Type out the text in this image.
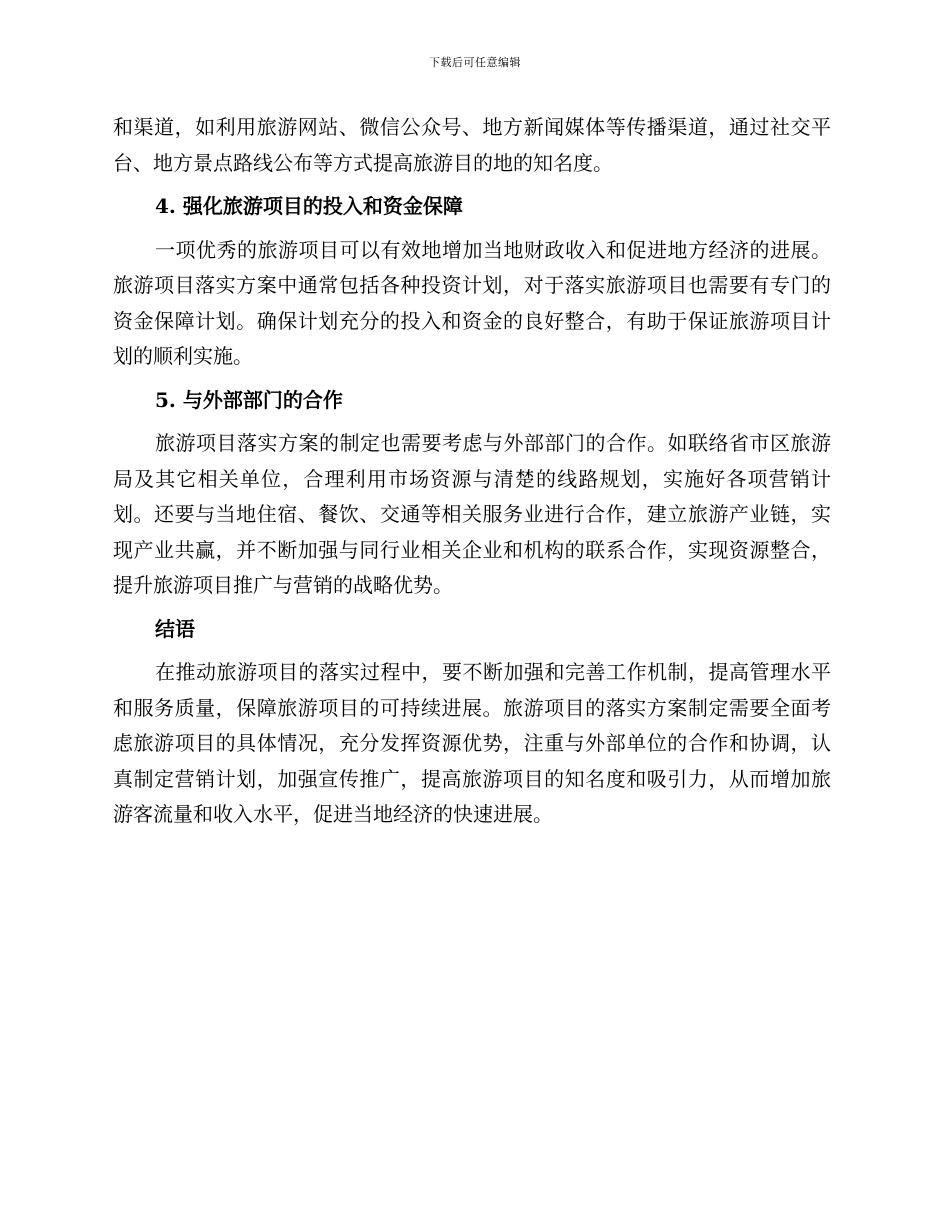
下载后可任意编辑

和渠道，如利用旅游网站、微信公众号、地方新闻媒体等传播渠道，通过社交平台、地方景点路线公布等方式提高旅游目的地的知名度。

4. 强化旅游项目的投入和资金保障

一项优秀的旅游项目可以有效地增加当地财政收入和促进地方经济的进展。旅游项目落实方案中通常包括各种投资计划，对于落实旅游项目也需要有专门的资金保障计划。确保计划充分的投入和资金的良好整合，有助于保证旅游项目计划的顺利实施。

5. 与外部部门的合作

旅游项目落实方案的制定也需要考虑与外部部门的合作。如联络省市区旅游局及其它相关单位，合理利用市场资源与清楚的线路规划，实施好各项营销计划。还要与当地住宿、餐饮、交通等相关服务业进行合作，建立旅游产业链，实现产业共赢，并不断加强与同行业相关企业和机构的联系合作，实现资源整合，提升旅游项目推广与营销的战略优势。

结语

在推动旅游项目的落实过程中，要不断加强和完善工作机制，提高管理水平和服务质量，保障旅游项目的可持续进展。旅游项目的落实方案制定需要全面考虑旅游项目的具体情况，充分发挥资源优势，注重与外部单位的合作和协调，认真制定营销计划，加强宣传推广，提高旅游项目的知名度和吸引力，从而增加旅游客流量和收入水平，促进当地经济的快速进展。
